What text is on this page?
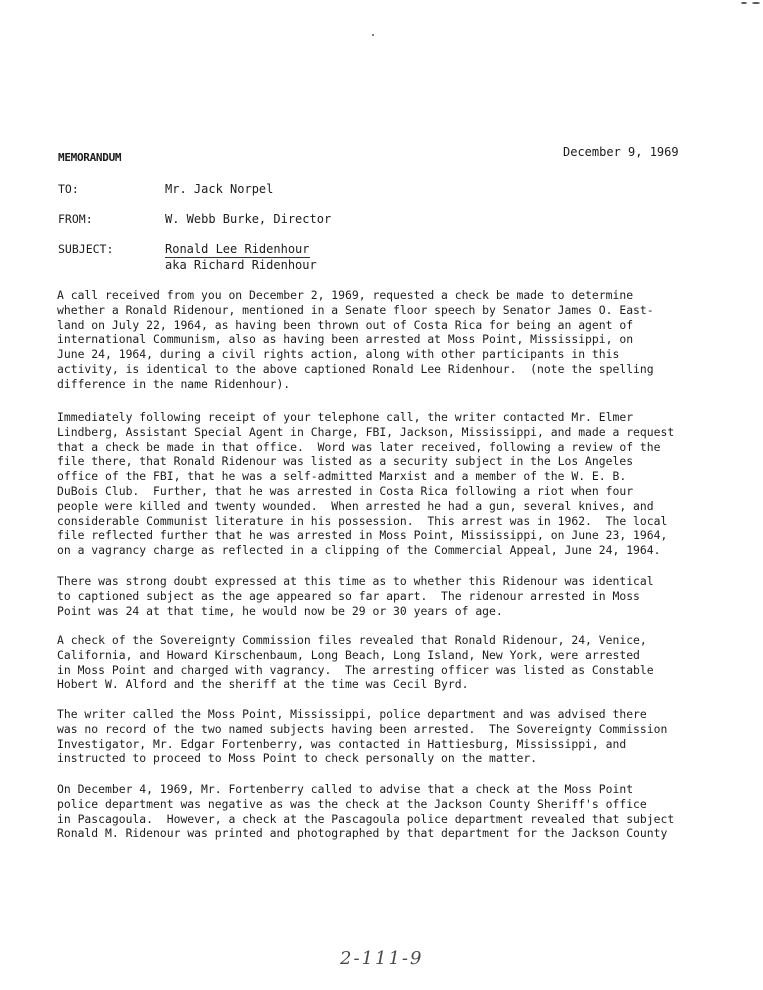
December 9, 1969
MEMORANDUM
TO:	Mr. Jack Norpel
FROM:	W. Webb Burke, Director
SUBJECT:	Ronald Lee Ridenhour
aka Richard Ridenhour
A call received from you on December 2, 1969, requested a check be made to determine
whether a Ronald Ridenour, mentioned in a Senate floor speech by Senator James O. East-
land on July 22, 1964, as having been thrown out of Costa Rica for being an agent of
international Communism, also as having been arrested at Moss Point, Mississippi, on
June 24, 1964, during a civil rights action, along with other participants in this
activity, is identical to the above captioned Ronald Lee Ridenhour.  (note the spelling
difference in the name Ridenhour).
Immediately following receipt of your telephone call, the writer contacted Mr. Elmer
Lindberg, Assistant Special Agent in Charge, FBI, Jackson, Mississippi, and made a request
that a check be made in that office.  Word was later received, following a review of the
file there, that Ronald Ridenour was listed as a security subject in the Los Angeles
office of the FBI, that he was a self-admitted Marxist and a member of the W. E. B.
DuBois Club.  Further, that he was arrested in Costa Rica following a riot when four
people were killed and twenty wounded.  When arrested he had a gun, several knives, and
considerable Communist literature in his possession.  This arrest was in 1962.  The local
file reflected further that he was arrested in Moss Point, Mississippi, on June 23, 1964,
on a vagrancy charge as reflected in a clipping of the Commercial Appeal, June 24, 1964.
There was strong doubt expressed at this time as to whether this Ridenour was identical
to captioned subject as the age appeared so far apart.  The ridenour arrested in Moss
Point was 24 at that time, he would now be 29 or 30 years of age.
A check of the Sovereignty Commission files revealed that Ronald Ridenour, 24, Venice,
California, and Howard Kirschenbaum, Long Beach, Long Island, New York, were arrested
in Moss Point and charged with vagrancy.  The arresting officer was listed as Constable
Hobert W. Alford and the sheriff at the time was Cecil Byrd.
The writer called the Moss Point, Mississippi, police department and was advised there
was no record of the two named subjects having been arrested.  The Sovereignty Commission
Investigator, Mr. Edgar Fortenberry, was contacted in Hattiesburg, Mississippi, and
instructed to proceed to Moss Point to check personally on the matter.
On December 4, 1969, Mr. Fortenberry called to advise that a check at the Moss Point
police department was negative as was the check at the Jackson County Sheriff's office
in Pascagoula.  However, a check at the Pascagoula police department revealed that subject
Ronald M. Ridenour was printed and photographed by that department for the Jackson County
2-111-9
